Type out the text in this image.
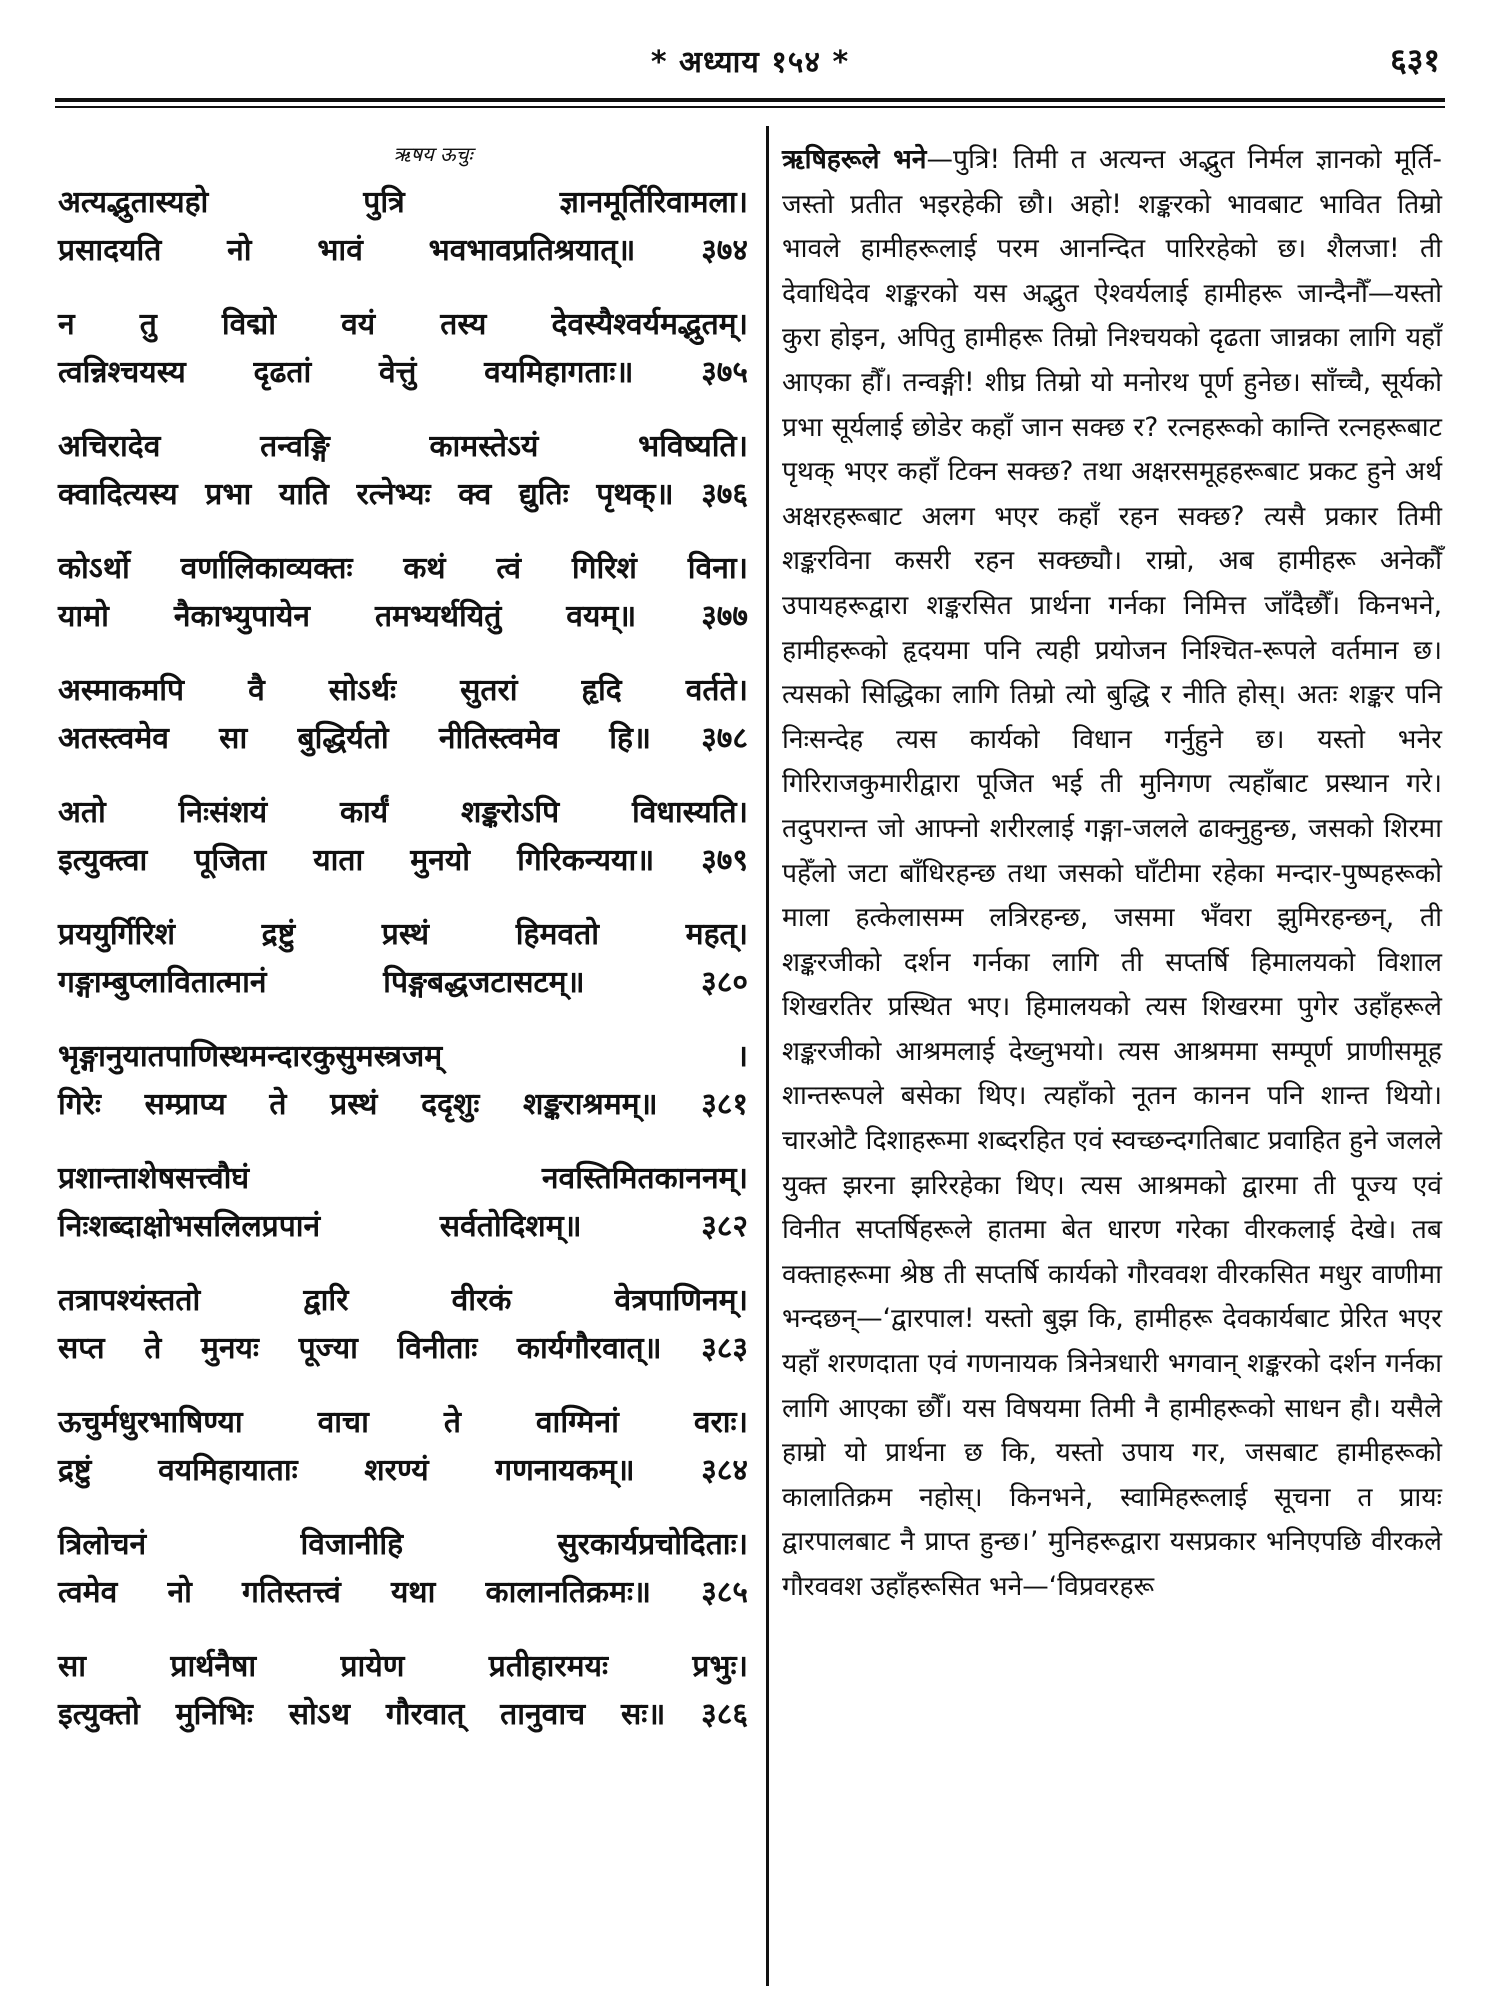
* अध्याय १५४ *	६३१
ऋषय ऊचुः
अत्यद्भुतास्यहो पुत्रि ज्ञानमूर्तिरिवामला।
प्रसादयति नो भावं भवभावप्रतिश्रयात्॥ ३७४
न तु विद्मो वयं तस्य देवस्यैश्वर्यमद्भुतम्।
त्वन्निश्चयस्य दृढतां वेत्तुं वयमिहागताः॥ ३७५
अचिरादेव तन्वङ्गि कामस्तेऽयं भविष्यति।
क्वादित्यस्य प्रभा याति रत्नेभ्यः क्व द्युतिः पृथक्॥ ३७६
कोऽर्थो वर्णालिकाव्यक्तः कथं त्वं गिरिशं विना।
यामो नैकाभ्युपायेन तमभ्यर्थयितुं वयम्॥ ३७७
अस्माकमपि वै सोऽर्थः सुतरां हृदि वर्तते।
अतस्त्वमेव सा बुद्धिर्यतो नीतिस्त्वमेव हि॥ ३७८
अतो निःसंशयं कार्यं शङ्करोऽपि विधास्यति।
इत्युक्त्वा पूजिता याता मुनयो गिरिकन्यया॥ ३७९
प्रययुर्गिरिशं द्रष्टुं प्रस्थं हिमवतो महत्।
गङ्गाम्बुप्लावितात्मानं पिङ्गबद्धजटासटम्॥ ३८०
भृङ्गानुयातपाणिस्थमन्दारकुसुमस्त्रजम् ।
गिरेः सम्प्राप्य ते प्रस्थं ददृशुः शङ्कराश्रमम्॥ ३८१
प्रशान्ताशेषसत्त्वौघं नवस्तिमितकाननम्।
निःशब्दाक्षोभसलिलप्रपानं सर्वतोदिशम्॥ ३८२
तत्रापश्यंस्ततो द्वारि वीरकं वेत्रपाणिनम्।
सप्त ते मुनयः पूज्या विनीताः कार्यगौरवात्॥ ३८३
ऊचुर्मधुरभाषिण्या वाचा ते वाग्मिनां वराः।
द्रष्टुं वयमिहायाताः शरण्यं गणनायकम्॥ ३८४
त्रिलोचनं विजानीहि सुरकार्यप्रचोदिताः।
त्वमेव नो गतिस्तत्त्वं यथा कालानतिक्रमः॥ ३८५
सा प्रार्थनैषा प्रायेण प्रतीहारमयः प्रभुः।
इत्युक्तो मुनिभिः सोऽथ गौरवात् तानुवाच सः॥ ३८६

ऋषिहरूले भने—पुत्रि! तिमी त अत्यन्त अद्भुत निर्मल ज्ञानको मूर्ति-जस्तो प्रतीत भइरहेकी छौ। अहो! शङ्करको भावबाट भावित तिम्रो भावले हामीहरूलाई परम आनन्दित पारिरहेको छ। शैलजा! ती देवाधिदेव शङ्करको यस अद्भुत ऐश्वर्यलाई हामीहरू जान्दैनौँ—यस्तो कुरा होइन, अपितु हामीहरू तिम्रो निश्चयको दृढता जान्नका लागि यहाँ आएका हौँ। तन्वङ्गी! शीघ्र तिम्रो यो मनोरथ पूर्ण हुनेछ। साँच्चै, सूर्यको प्रभा सूर्यलाई छोडेर कहाँ जान सक्छ र? रत्नहरूको कान्ति रत्नहरूबाट पृथक् भएर कहाँ टिक्न सक्छ? तथा अक्षरसमूहहरूबाट प्रकट हुने अर्थ अक्षरहरूबाट अलग भएर कहाँ रहन सक्छ? त्यसै प्रकार तिमी शङ्करविना कसरी रहन सक्छ्यौ। राम्रो, अब हामीहरू अनेकौँ उपायहरूद्वारा शङ्करसित प्रार्थना गर्नका निमित्त जाँदैछौँ। किनभने, हामीहरूको हृदयमा पनि त्यही प्रयोजन निश्चित-रूपले वर्तमान छ। त्यसको सिद्धिका लागि तिम्रो त्यो बुद्धि र नीति होस्। अतः शङ्कर पनि निःसन्देह त्यस कार्यको विधान गर्नुहुने छ। यस्तो भनेर गिरिराजकुमारीद्वारा पूजित भई ती मुनिगण त्यहाँबाट प्रस्थान गरे। तदुपरान्त जो आफ्नो शरीरलाई गङ्गा-जलले ढाक्नुहुन्छ, जसको शिरमा पहेँलो जटा बाँधिरहन्छ तथा जसको घाँटीमा रहेका मन्दार-पुष्पहरूको माला हत्केलासम्म लत्रिरहन्छ, जसमा भँवरा झुमिरहन्छन्, ती शङ्करजीको दर्शन गर्नका लागि ती सप्तर्षि हिमालयको विशाल शिखरतिर प्रस्थित भए। हिमालयको त्यस शिखरमा पुगेर उहाँहरूले शङ्करजीको आश्रमलाई देख्नुभयो। त्यस आश्रममा सम्पूर्ण प्राणीसमूह शान्तरूपले बसेका थिए। त्यहाँको नूतन कानन पनि शान्त थियो। चारओटै दिशाहरूमा शब्दरहित एवं स्वच्छन्दगतिबाट प्रवाहित हुने जलले युक्त झरना झरिरहेका थिए। त्यस आश्रमको द्वारमा ती पूज्य एवं विनीत सप्तर्षिहरूले हातमा बेत धारण गरेका वीरकलाई देखे। तब वक्ताहरूमा श्रेष्ठ ती सप्तर्षि कार्यको गौरववश वीरकसित मधुर वाणीमा भन्दछन्—‘द्वारपाल! यस्तो बुझ कि, हामीहरू देवकार्यबाट प्रेरित भएर यहाँ शरणदाता एवं गणनायक त्रिनेत्रधारी भगवान् शङ्करको दर्शन गर्नका लागि आएका छौँ। यस विषयमा तिमी नै हामीहरूको साधन हौ। यसैले हाम्रो यो प्रार्थना छ कि, यस्तो उपाय गर, जसबाट हामीहरूको कालातिक्रम नहोस्। किनभने, स्वामिहरूलाई सूचना त प्रायः द्वारपालबाट नै प्राप्त हुन्छ।’ मुनिहरूद्वारा यसप्रकार भनिएपछि वीरकले गौरववश उहाँहरूसित भने—‘विप्रवरहरू
